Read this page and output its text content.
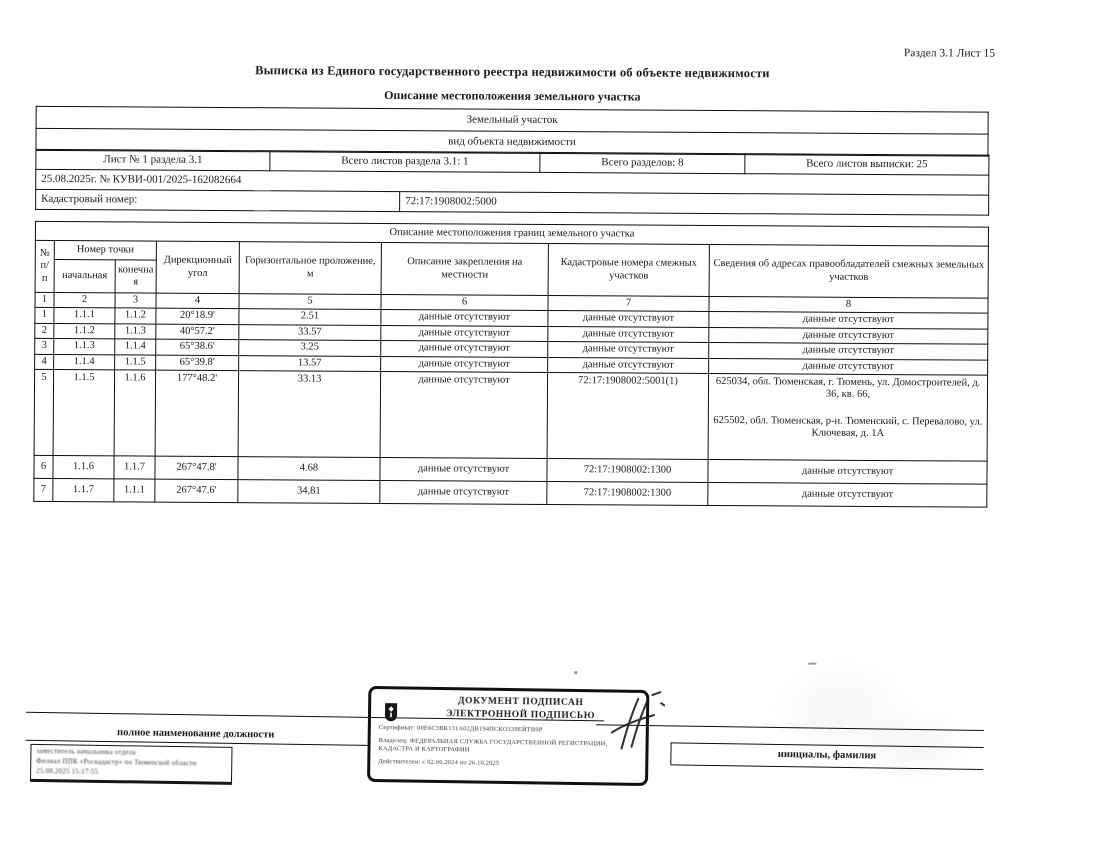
Раздел 3.1 Лист 15
Выписка из Единого государственного реестра недвижимости об объекте недвижимости
Описание местоположения земельного участка
Земельный участок
вид объекта недвижимости
Лист № 1 раздела 3.1	Всего листов раздела 3.1: 1		Всего разделов: 8	Всего листов выписки: 25
25.08.2025г. № КУВИ-001/2025-162082664				
Кадастровый номер:		72:17:1908002:5000		
Описание местоположения границ земельного участка							
№ п/п	Номер точки		Дирекционный угол	Горизонтальное проложение, м	Описание закрепления на местности	Кадастровые номера смежных участков	Сведения об адресах правообладателей смежных земельных участков
	начальная	конечная					
1	2	3	4	5	6	7	8
1	1.1.1	1.1.2	20°18.9'	2.51	данные отсутствуют	данные отсутствуют	данные отсутствуют
2	1.1.2	1.1.3	40°57.2'	33.57	данные отсутствуют	данные отсутствуют	данные отсутствуют
3	1.1.3	1.1.4	65°38.6'	3.25	данные отсутствуют	данные отсутствуют	данные отсутствуют
4	1.1.4	1.1.5	65°39.8'	13.57	данные отсутствуют	данные отсутствуют	данные отсутствуют
5	1.1.5	1.1.6	177°48.2'	33.13	данные отсутствуют	72:17:1908002:5001(1)	625034, обл. Тюменская, г. Тюмень, ул. Домостроителей, д. 36, кв. 66,
625502, обл. Тюменская, р-н. Тюменский, с. Перевалово, ул. Ключевая, д. 1А

6	1.1.6	1.1.7	267°47.8'	4.68	данные отсутствуют	72:17:1908002:1300	данные отсутствуют
7	1.1.7	1.1.1	267°47.6'	34,81	данные отсутствуют	72:17:1908002:1300	данные отсутствуют
полное наименование должности
заместитель начальника отдела
Филиал ППК «Роскадастр» по Тюменской области
25.08.2025 15:17:55
инициалы, фамилия
ДОКУМЕНТ ПОДПИСАН
ЭЛЕКТРОННОЙ ПОДПИСЬЮ
Сертификат: 00Е6С3ВК131А02ДВ194ПСКО339ЕЙТВ9Р
Владелец: ФЕДЕРАЛЬНАЯ СЛУЖБА ГОСУДАРСТВЕННОЙ РЕГИСТРАЦИИ, КАДАСТРА И КАРТОГРАФИИ
Действителен: с 02.06.2024 по 26.10.2025
